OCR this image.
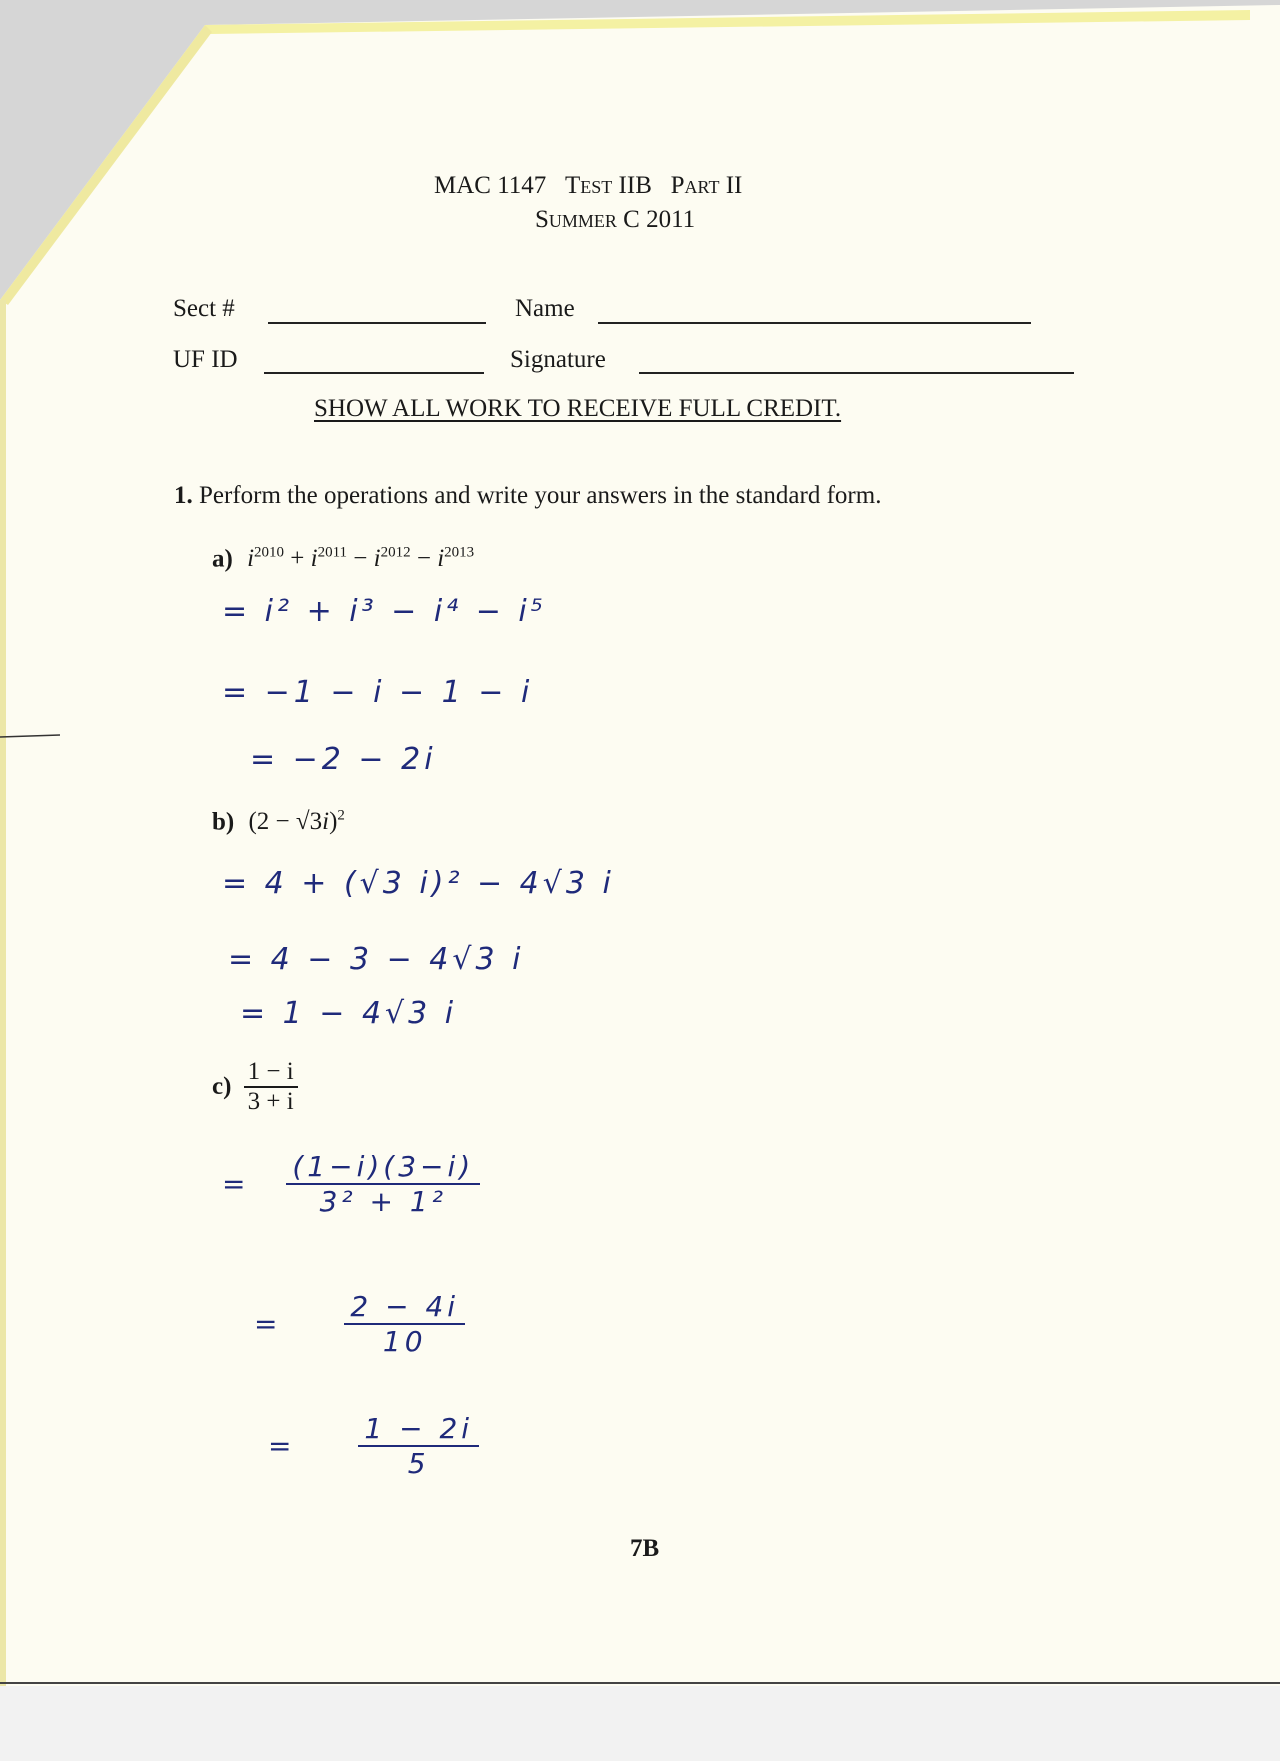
MAC 1147 Test IIB Part II
Summer C 2011
Sect #	Name
UF ID	Signature
SHOW ALL WORK TO RECEIVE FULL CREDIT.
1. Perform the operations and write your answers in the standard form.
a) $i^{2010} + i^{2011} - i^{2012} - i^{2013}$
= i² + i³ − i⁴ − i⁵
= −1 − i − 1 − i
= −2 − 2i
b) $(2 - √3i)^2$
= 4 + (√3 i)² − 4√3 i
= 4 − 3 − 4√3 i
= 1 − 4√3 i
$c) \frac{1 - i}{3 + i}$
= $\frac{(1-i)(3-i)}{\text{3² + 1²}}$
= $\frac{2 - 4i}{10}$
= $\frac{1 - 2i}{5}$
7B
